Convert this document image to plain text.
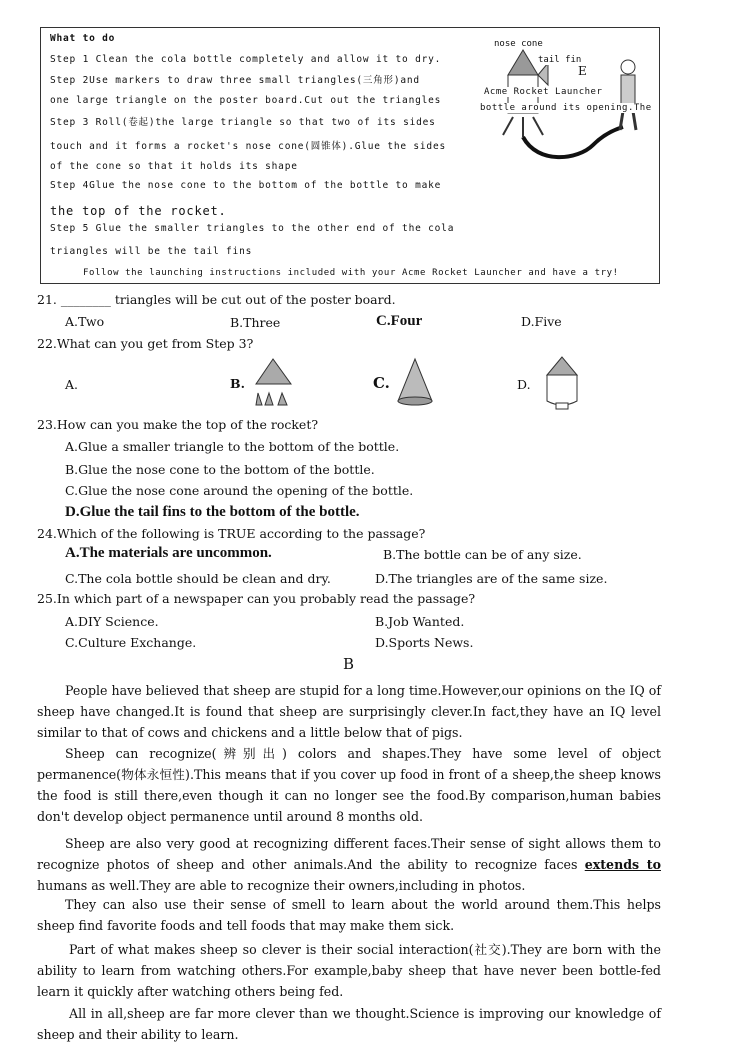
What to do
Step 1 Clean the cola bottle completely and allow it to dry.
Step 2Use markers to draw three small triangles(三角形)and
one large triangle on the poster board.Cut out the triangles
Step 3 Roll(卷起)the large triangle so that two of its sides
touch and it forms a rocket's nose cone(圆锥体).Glue the sides
of the cone so that it holds its shape
Step 4Glue the nose cone to the bottom of the bottle to make
the top of the rocket.
Step 5 Glue the smaller triangles to the other end of the cola
triangles will be the tail fins
Follow the launching instructions included with your Acme Rocket Launcher and have a try!
nose cone
tail fin
E
Acme Rocket Launcher
bottle around its opening.The
21. ________ triangles will be cut out of the poster board.
A.Two	B.Three	C.Four	D.Five
22.What can you get from Step 3?
A.	B.	C.	D.
23.How can you make the top of the rocket?
A.Glue a smaller triangle to the bottom of the bottle.
B.Glue the nose cone to the bottom of the bottle.
C.Glue the nose cone around the opening of the bottle.
D.Glue the tail fins to the bottom of the bottle.
24.Which of the following is TRUE according to the passage?
A.The materials are uncommon.	B.The bottle can be of any size.
C.The cola bottle should be clean and dry.	D.The triangles are of the same size.
25.In which part of a newspaper can you probably read the passage?
A.DIY Science.	B.Job Wanted.
C.Culture Exchange.	D.Sports News.
B
People have believed that sheep are stupid for a long time.However,our opinions on the IQ of sheep have changed.It is found that sheep are surprisingly clever.In fact,they have an IQ level similar to that of cows and chickens and a little below that of pigs.
Sheep can recognize(辨别出) colors and shapes.They have some level of object permanence(物体永恒性).This means that if you cover up food in front of a sheep,the sheep knows the food is still there,even though it can no longer see the food.By comparison,human babies don't develop object permanence until around 8 months old.
Sheep are also very good at recognizing different faces.Their sense of sight allows them to recognize photos of sheep and other animals.And the ability to recognize faces extends to humans as well.They are able to recognize their owners,including in photos.
They can also use their sense of smell to learn about the world around them.This helps sheep find favorite foods and tell foods that may make them sick.
Part of what makes sheep so clever is their social interaction(社交).They are born with the ability to learn from watching others.For example,baby sheep that have never been bottle-fed learn it quickly after watching others being fed.
All in all,sheep are far more clever than we thought.Science is improving our knowledge of sheep and their ability to learn.
